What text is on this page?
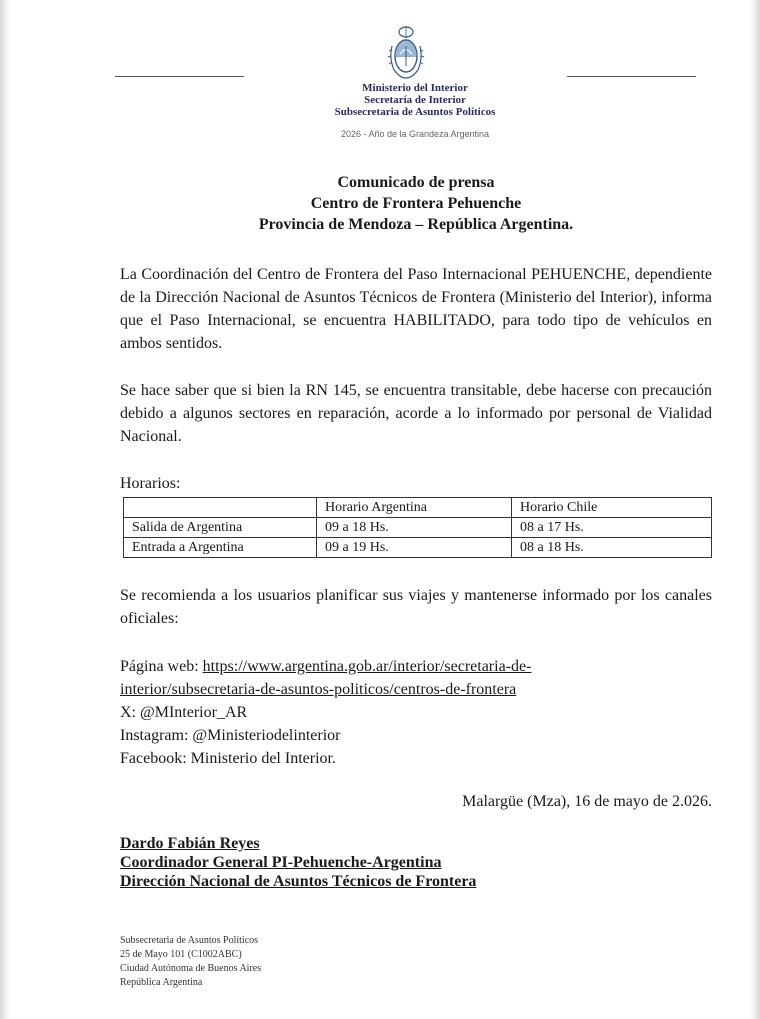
Ministerio del Interior
Secretaría de Interior
Subsecretaria de Asuntos Políticos
2026 - Año de la Grandeza Argentina
Comunicado de prensa
Centro de Frontera Pehuenche
Provincia de Mendoza – República Argentina.

La Coordinación del Centro de Frontera del Paso Internacional PEHUENCHE, dependiente de la Dirección Nacional de Asuntos Técnicos de Frontera (Ministerio del Interior), informa que el Paso Internacional, se encuentra HABILITADO, para todo tipo de vehículos en ambos sentidos.

Se hace saber que si bien la RN 145, se encuentra transitable, debe hacerse con precaución debido a algunos sectores en reparación, acorde a lo informado por personal de Vialidad Nacional.

Horarios:
	Horario Argentina	Horario Chile
Salida de Argentina	09 a 18 Hs.	08 a 17 Hs.
Entrada a Argentina	09 a 19 Hs.	08 a 18 Hs.

Se recomienda a los usuarios planificar sus viajes y mantenerse informado por los canales oficiales:

Página web: https://www.argentina.gob.ar/interior/secretaria-de-
interior/subsecretaria-de-asuntos-politicos/centros-de-frontera
X: @MInterior_AR
Instagram: @Ministeriodelinterior
Facebook: Ministerio del Interior.
Malargüe (Mza), 16 de mayo de 2.026.
Dardo Fabián Reyes
Coordinador General PI-Pehuenche-Argentina
Dirección Nacional de Asuntos Técnicos de Frontera
Subsecretaria de Asuntos Políticos
25 de Mayo 101 (C1002ABC)
Ciudad Autónoma de Buenos Aires
República Argentina
